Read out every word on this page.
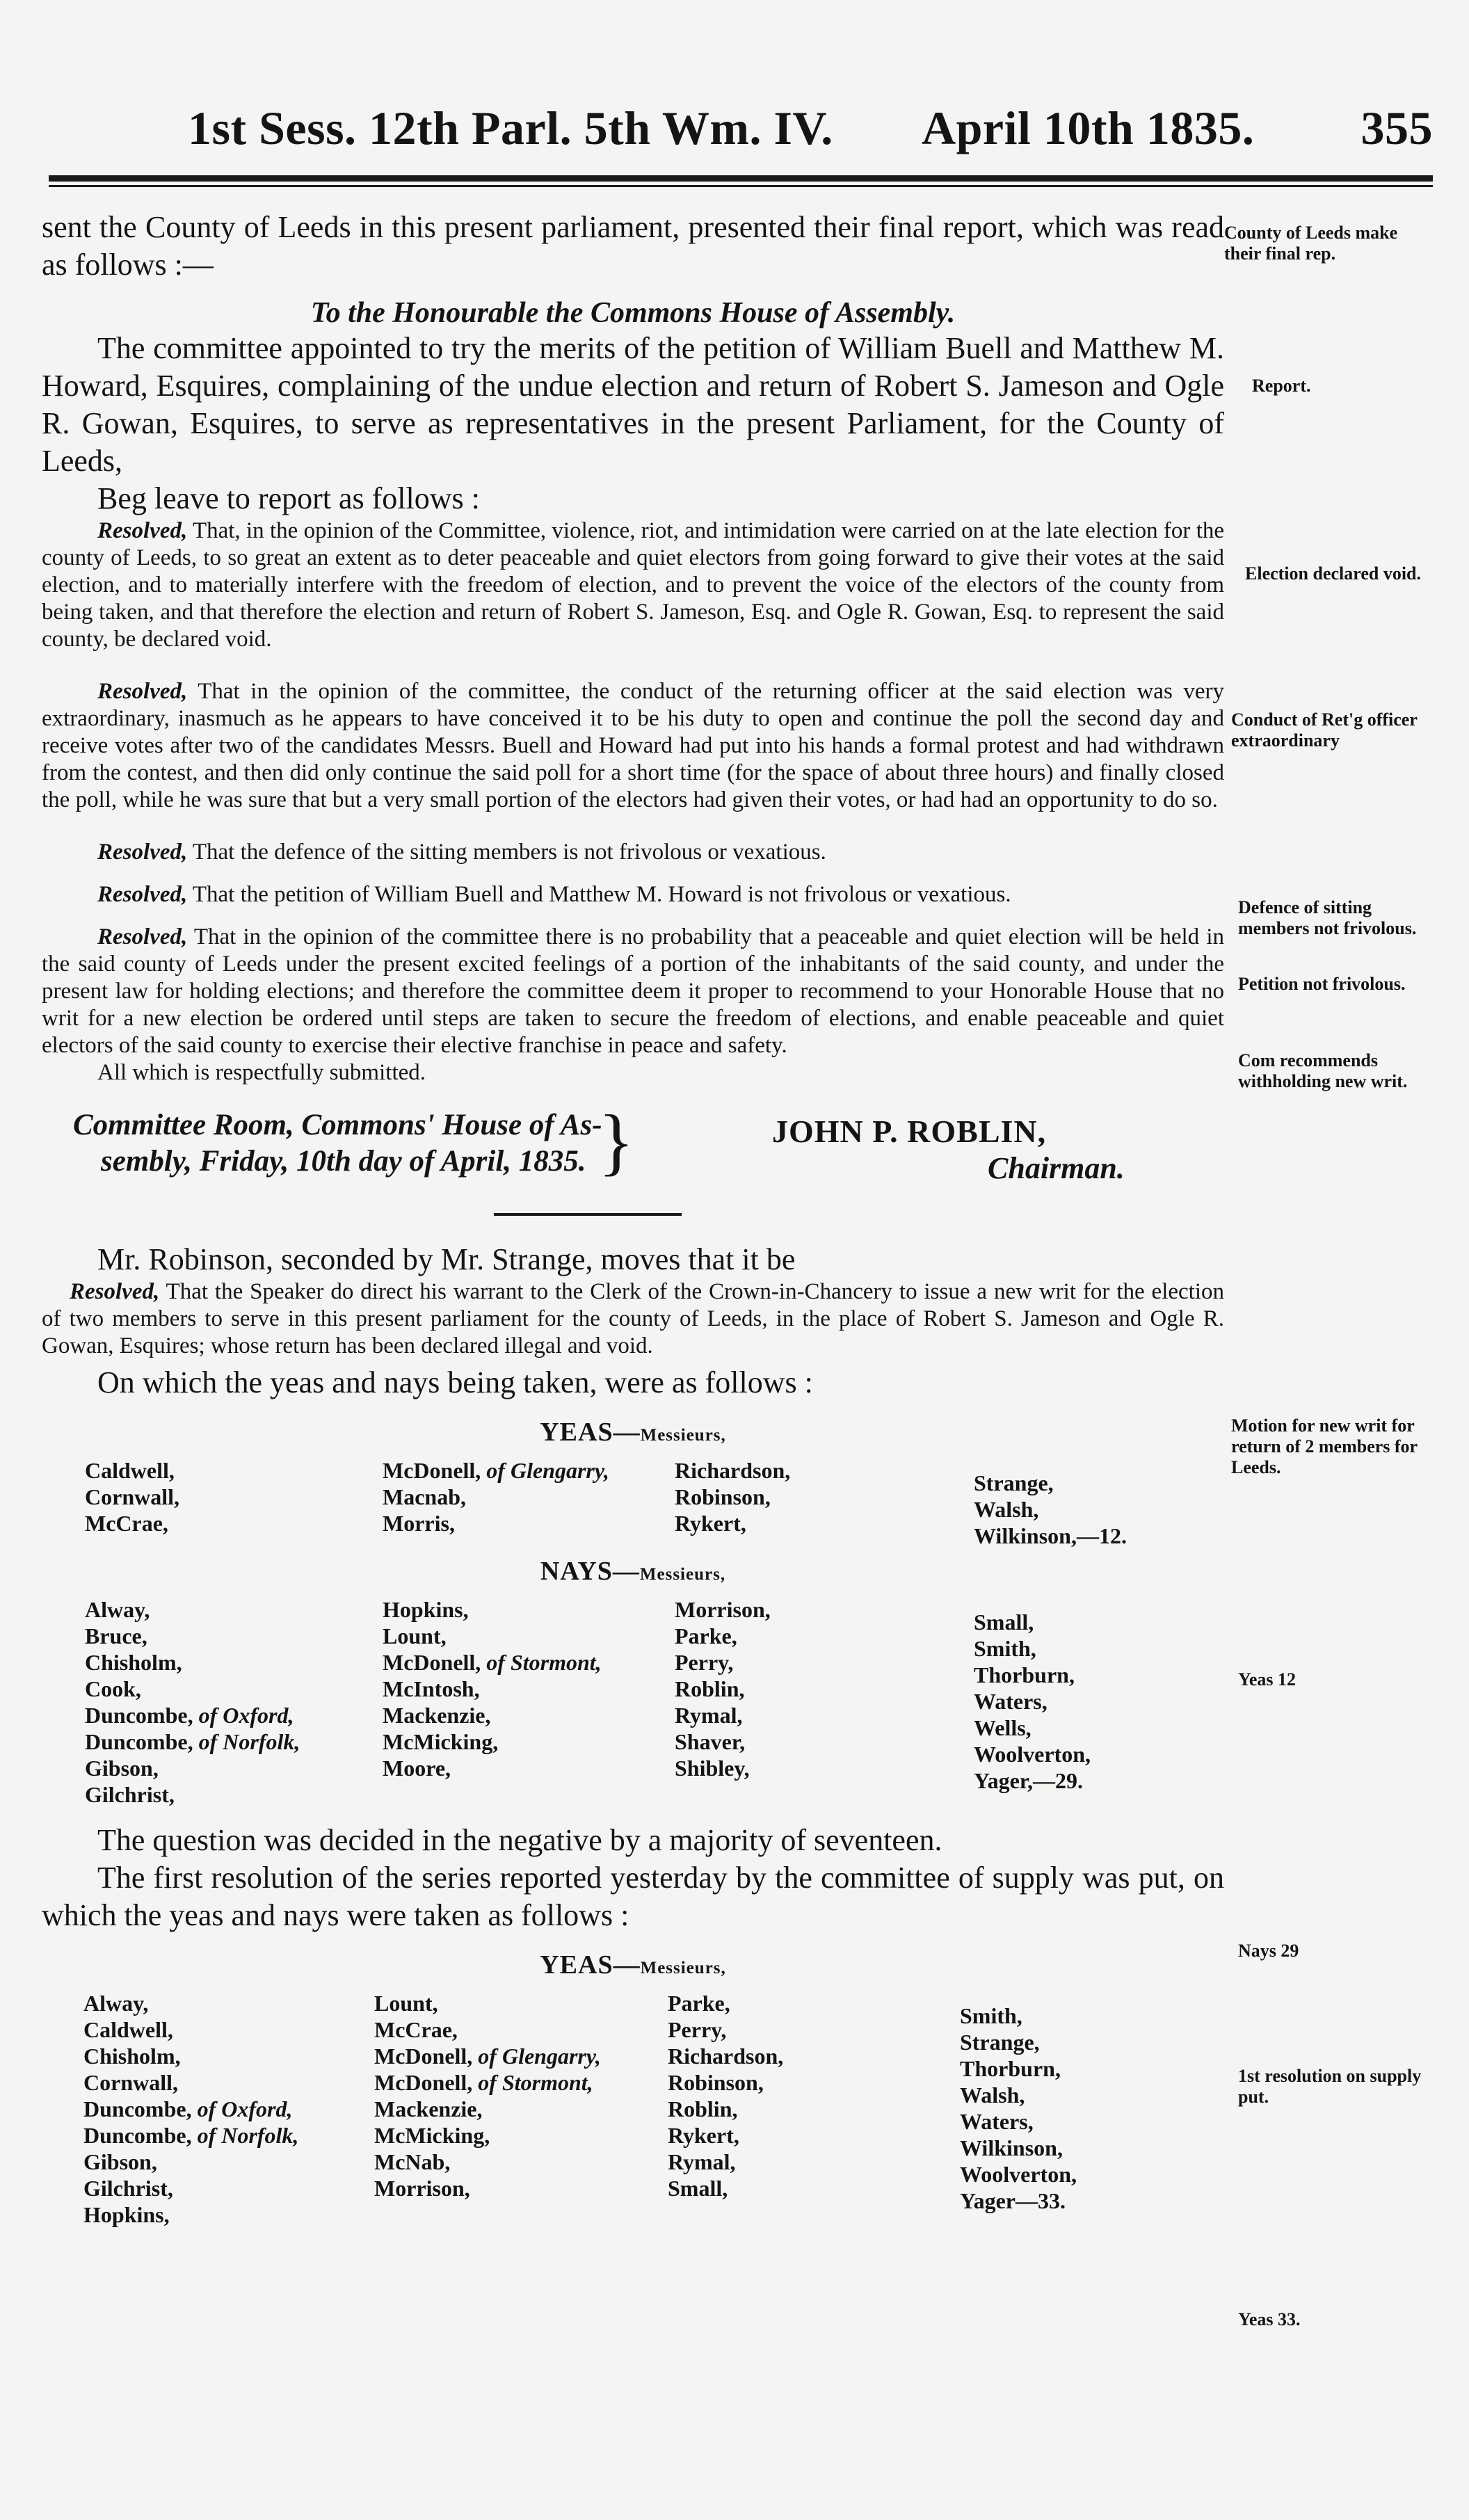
1st Sess. 12th Parl. 5th Wm. IV. April 10th 1835. 355

sent the County of Leeds in this present parliament, presented their final report, which was read as follows :—

To the Honourable the Commons House of Assembly.

The committee appointed to try the merits of the petition of William Buell and Matthew M. Howard, Esquires, complaining of the undue election and return of Robert S. Jameson and Ogle R. Gowan, Esquires, to serve as representatives in the present Parliament, for the County of Leeds,

Beg leave to report as follows :

Resolved, That, in the opinion of the Committee, violence, riot, and intimidation were carried on at the late election for the county of Leeds, to so great an extent as to deter peaceable and quiet electors from going forward to give their votes at the said election, and to materially interfere with the freedom of election, and to prevent the voice of the electors of the county from being taken, and that therefore the election and return of Robert S. Jameson, Esq. and Ogle R. Gowan, Esq. to represent the said county, be declared void.

Resolved, That in the opinion of the committee, the conduct of the returning officer at the said election was very extraordinary, inasmuch as he appears to have conceived it to be his duty to open and continue the poll the second day and receive votes after two of the candidates Messrs. Buell and Howard had put into his hands a formal protest and had withdrawn from the contest, and then did only continue the said poll for a short time (for the space of about three hours) and finally closed the poll, while he was sure that but a very small portion of the electors had given their votes, or had had an opportunity to do so.

Resolved, That the defence of the sitting members is not frivolous or vexatious.

Resolved, That the petition of William Buell and Matthew M. Howard is not frivolous or vexatious.

Resolved, That in the opinion of the committee there is no probability that a peaceable and quiet election will be held in the said county of Leeds under the present excited feelings of a portion of the inhabitants of the said county, and under the present law for holding elections; and therefore the committee deem it proper to recommend to your Honorable House that no writ for a new election be ordered until steps are taken to secure the freedom of elections, and enable peaceable and quiet electors of the said county to exercise their elective franchise in peace and safety.

All which is respectfully submitted.

Committee Room, Commons' House of As-
sembly, Friday, 10th day of April, 1835. }	JOHN P. ROBLIN,
Chairman.

Mr. Robinson, seconded by Mr. Strange, moves that it be

Resolved, That the Speaker do direct his warrant to the Clerk of the Crown-in-Chancery to issue a new writ for the election of two members to serve in this present parliament for the county of Leeds, in the place of Robert S. Jameson and Ogle R. Gowan, Esquires; whose return has been declared illegal and void.

On which the yeas and nays being taken, were as follows :

YEAS—Messieurs,
Caldwell,
Cornwall,
McCrae,
McDonell, of Glengarry,
Macnab,
Morris,
Richardson,
Robinson,
Rykert,
Strange,
Walsh,
Wilkinson,—12.
NAYS—Messieurs,
Alway,
Bruce,
Chisholm,
Cook,
Duncombe, of Oxford,
Duncombe, of Norfolk,
Gibson,
Gilchrist,
Hopkins,
Lount,
McDonell, of Stormont,
McIntosh,
Mackenzie,
McMicking,
Moore,
Morrison,
Parke,
Perry,
Roblin,
Rymal,
Shaver,
Shibley,
Small,
Smith,
Thorburn,
Waters,
Wells,
Woolverton,
Yager,—29.

The question was decided in the negative by a majority of seventeen.

The first resolution of the series reported yesterday by the committee of supply was put, on which the yeas and nays were taken as follows :

YEAS—Messieurs,
Alway,
Caldwell,
Chisholm,
Cornwall,
Duncombe, of Oxford,
Duncombe, of Norfolk,
Gibson,
Gilchrist,
Hopkins,
Lount,
McCrae,
McDonell, of Glengarry,
McDonell, of Stormont,
Mackenzie,
McMicking,
McNab,
Morrison,
Parke,
Perry,
Richardson,
Robinson,
Roblin,
Rykert,
Rymal,
Small,
Smith,
Strange,
Thorburn,
Walsh,
Waters,
Wilkinson,
Woolverton,
Yager—33.
County of Leeds make their final rep.
Report.
Election declared void.
Conduct of Ret'g officer extraordinary
Defence of sitting members not frivolous.
Petition not frivolous.
Com recommends withholding new writ.
Motion for new writ for return of 2 members for Leeds.
Yeas 12
Nays 29
1st resolution on supply put.
Yeas 33.
